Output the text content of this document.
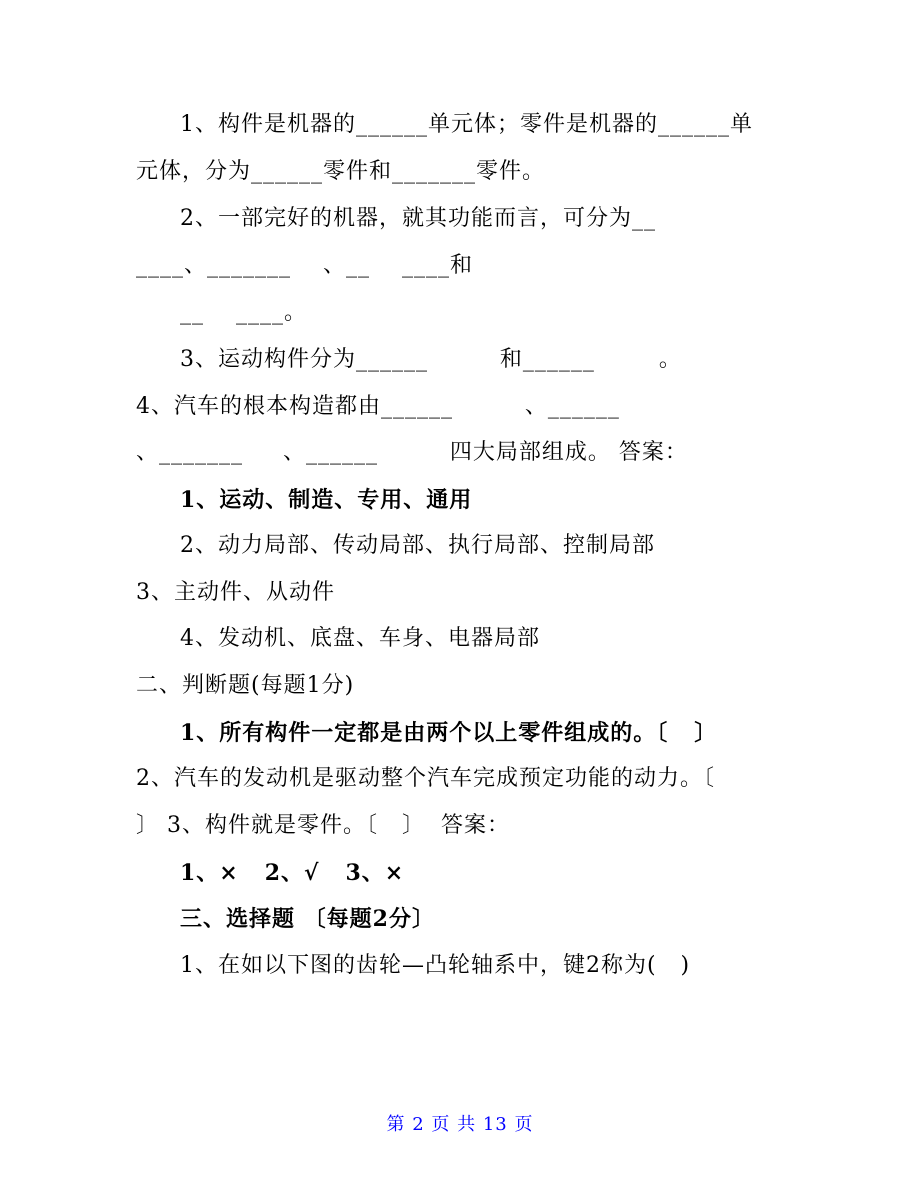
1、构件是机器的______单元体；零件是机器的______单
元体，分为______零件和_______零件。
2、一部完好的机器，就其功能而言，可分为__
____、_______    、__    ____和
__    ____。
3、运动构件分为______         和______        。
4、汽车的根本构造都由______         、______
、_______     、______         四大局部组成。 答案：
1、运动、制造、专用、通用
2、动力局部、传动局部、执行局部、控制局部
3、主动件、从动件
4、发动机、底盘、车身、电器局部
二、判断题(每题1分)
1、所有构件一定都是由两个以上零件组成的。〔   〕
2、汽车的发动机是驱动整个汽车完成预定功能的动力。〔
〕 3、构件就是零件。〔   〕  答案：
1、×   2、√   3、×
三、选择题 〔每题2分〕
1、在如以下图的齿轮—凸轮轴系中，键2称为(   )
第 2 页 共 13 页
